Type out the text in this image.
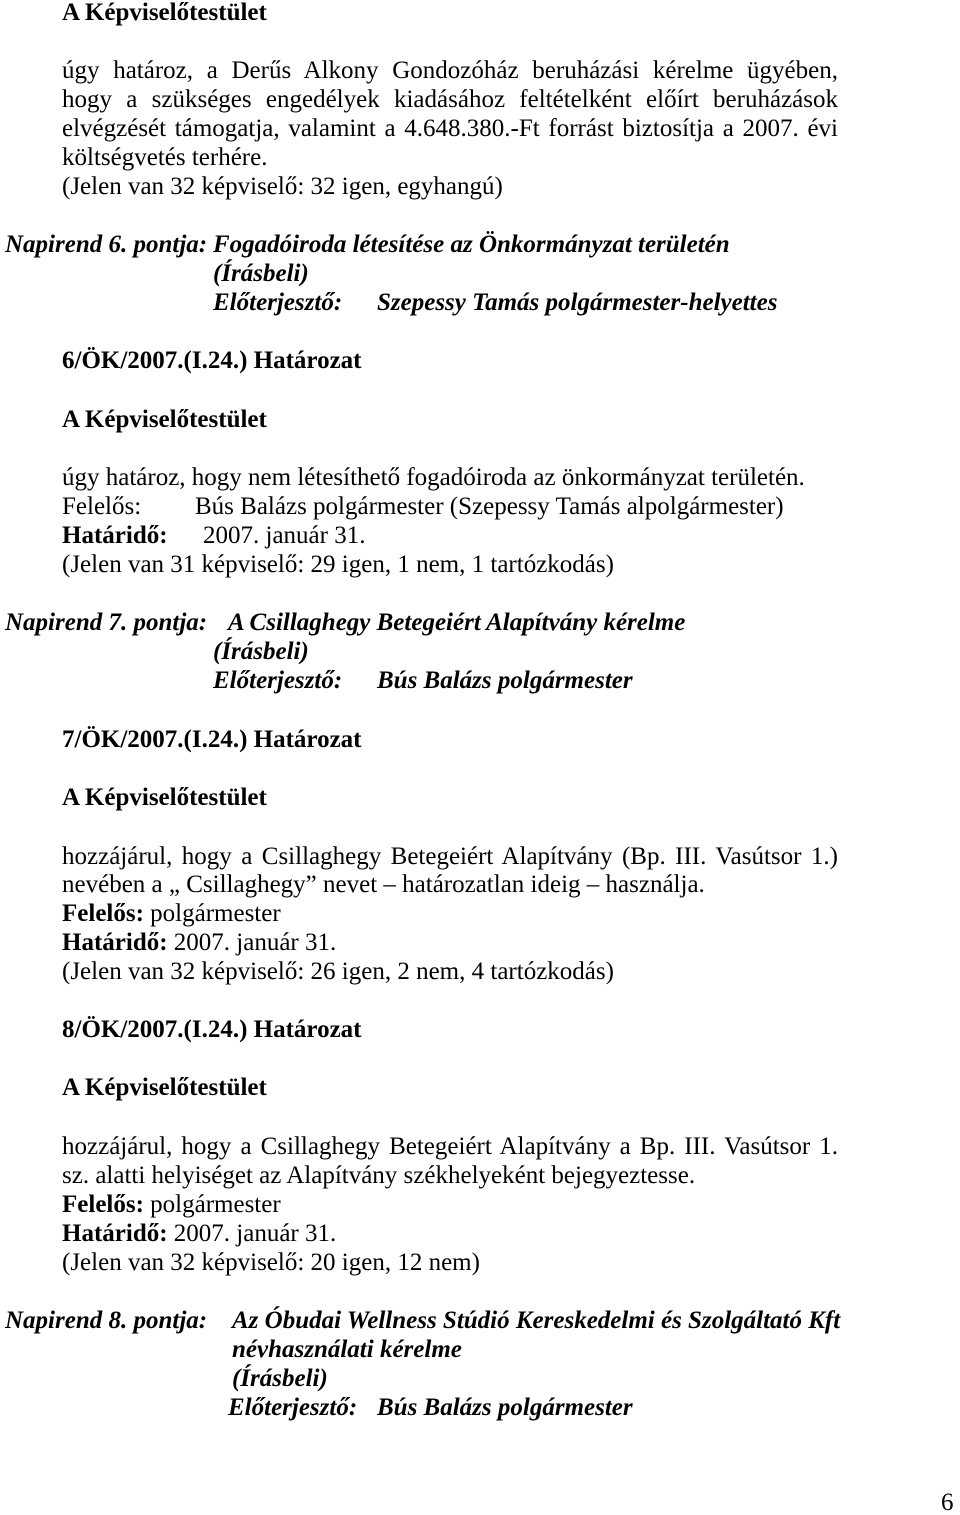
A Képviselőtestület
úgy határoz, a Derűs Alkony Gondozóház beruházási kérelme ügyében,
hogy a szükséges engedélyek kiadásához feltételként előírt beruházások
elvégzését támogatja, valamint a 4.648.380.-Ft forrást biztosítja a 2007. évi
költségvetés terhére.
(Jelen van 32 képviselő: 32 igen, egyhangú)
Napirend 6. pontja: Fogadóiroda létesítése az Önkormányzat területén
(Írásbeli)
Előterjesztő: Szepessy Tamás polgármester-helyettes
6/ÖK/2007.(I.24.) Határozat
A Képviselőtestület
úgy határoz, hogy nem létesíthető fogadóiroda az önkormányzat területén.
Felelős: Bús Balázs polgármester (Szepessy Tamás alpolgármester)
Határidő: 2007. január 31.
(Jelen van 31 képviselő: 29 igen, 1 nem, 1 tartózkodás)
Napirend 7. pontja: A Csillaghegy Betegeiért Alapítvány kérelme
(Írásbeli)
Előterjesztő: Bús Balázs polgármester
7/ÖK/2007.(I.24.) Határozat
A Képviselőtestület
hozzájárul, hogy a Csillaghegy Betegeiért Alapítvány (Bp. III. Vasútsor 1.)
nevében a „ Csillaghegy” nevet – határozatlan ideig – használja.
Felelős: polgármester
Határidő: 2007. január 31.
(Jelen van 32 képviselő: 26 igen, 2 nem, 4 tartózkodás)
8/ÖK/2007.(I.24.) Határozat
A Képviselőtestület
hozzájárul, hogy a Csillaghegy Betegeiért Alapítvány a Bp. III. Vasútsor 1.
sz. alatti helyiséget az Alapítvány székhelyeként bejegyeztesse.
Felelős: polgármester
Határidő: 2007. január 31.
(Jelen van 32 képviselő: 20 igen, 12 nem)
Napirend 8. pontja: Az Óbudai Wellness Stúdió Kereskedelmi és Szolgáltató Kft
névhasználati kérelme
(Írásbeli)
Előterjesztő: Bús Balázs polgármester
6
